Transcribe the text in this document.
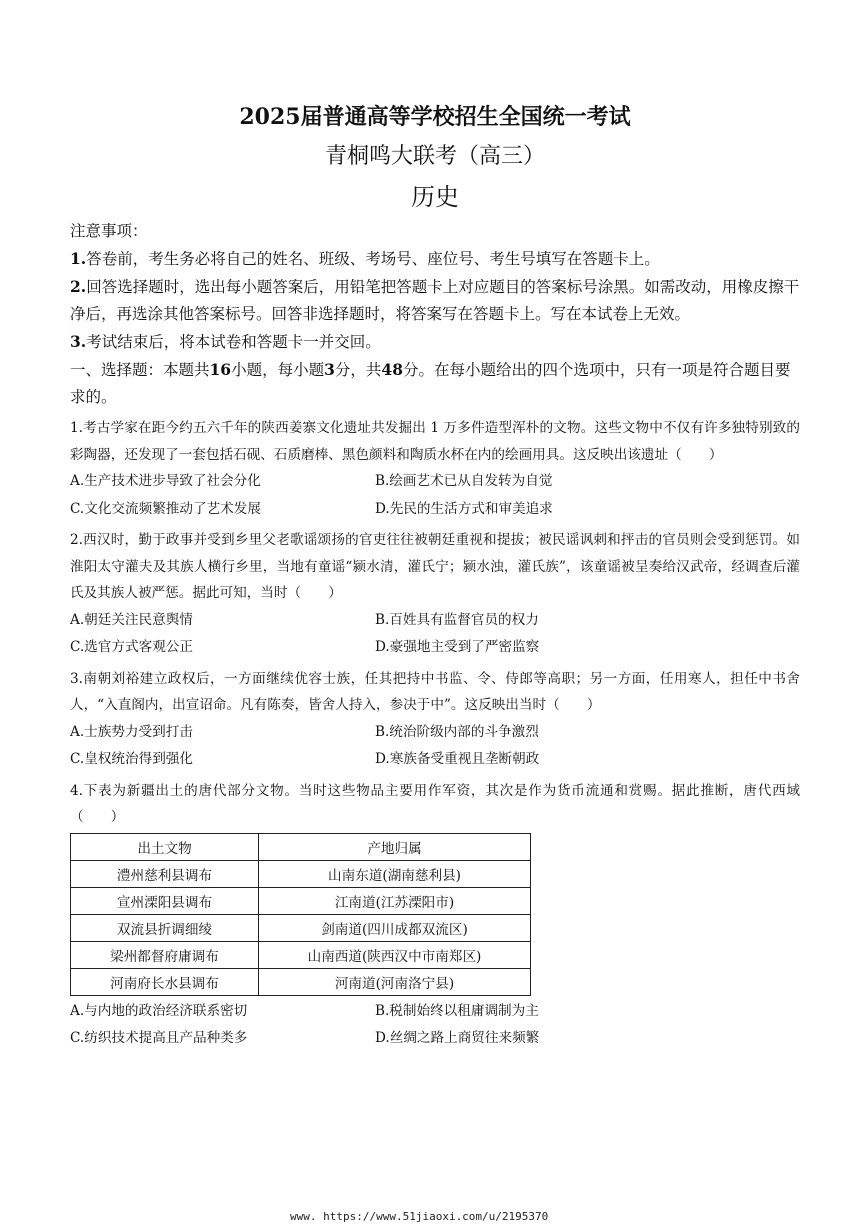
2025届普通高等学校招生全国统一考试
青桐鸣大联考（高三）
历史

注意事项：

1.答卷前，考生务必将自己的姓名、班级、考场号、座位号、考生号填写在答题卡上。

2.回答选择题时，选出每小题答案后，用铅笔把答题卡上对应题目的答案标号涂黑。如需改动，用橡皮擦干净后，再选涂其他答案标号。回答非选择题时，将答案写在答题卡上。写在本试卷上无效。

3.考试结束后，将本试卷和答题卡一并交回。

一、选择题：本题共16小题，每小题3分，共48分。在每小题给出的四个选项中，只有一项是符合题目要求的。

1.考古学家在距今约五六千年的陕西姜寨文化遗址共发掘出 1 万多件造型浑朴的文物。这些文物中不仅有许多独特别致的彩陶器，还发现了一套包括石砚、石质磨棒、黑色颜料和陶质水杯在内的绘画用具。这反映出该遗址（　　）

A.生产技术进步导致了社会分化	B.绘画艺术已从自发转为自觉
C.文化交流频繁推动了艺术发展	D.先民的生活方式和审美追求

2.西汉时，勤于政事并受到乡里父老歌谣颂扬的官吏往往被朝廷重视和提拔；被民谣讽刺和抨击的官员则会受到惩罚。如淮阳太守灌夫及其族人横行乡里，当地有童谣“颍水清，灌氏宁；颍水浊，灌氏族”，该童谣被呈奏给汉武帝，经调查后灌氏及其族人被严惩。据此可知，当时（　　）

A.朝廷关注民意舆情	B.百姓具有监督官员的权力
C.选官方式客观公正	D.豪强地主受到了严密监察

3.南朝刘裕建立政权后，一方面继续优容士族，任其把持中书监、令、侍郎等高职；另一方面，任用寒人，担任中书舍人，“入直阁内，出宣诏命。凡有陈奏，皆舍人持入，参决于中”。这反映出当时（　　）

A.士族势力受到打击	B.统治阶级内部的斗争激烈
C.皇权统治得到强化	D.寒族备受重视且垄断朝政

4.下表为新疆出土的唐代部分文物。当时这些物品主要用作军资，其次是作为货币流通和赏赐。据此推断，唐代西域（　　）

出土文物	产地归属
澧州慈利县调布	山南东道(湖南慈利县)
宣州溧阳县调布	江南道(江苏溧阳市)
双流县折调细绫	剑南道(四川成都双流区)
梁州都督府庸调布	山南西道(陕西汉中市南郑区)
河南府长水县调布	河南道(河南洛宁县)
A.与内地的政治经济联系密切	B.税制始终以租庸调制为主
C.纺织技术提高且产品种类多	D.丝绸之路上商贸往来频繁
www. https://www.51jiaoxi.com/u/2195370
